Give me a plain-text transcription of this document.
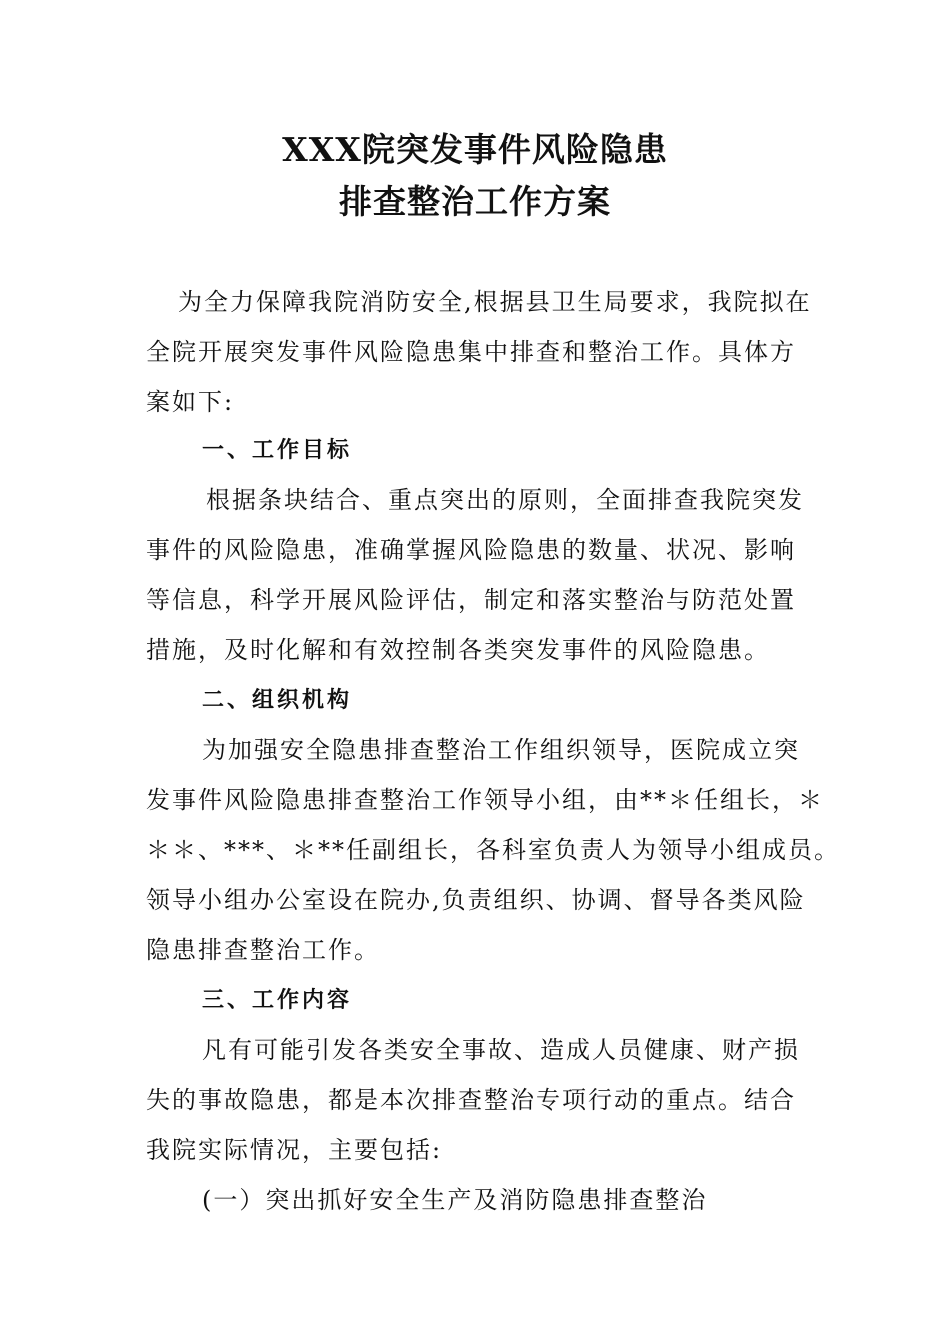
XXX院突发事件风险隐患
排查整治工作方案
为全力保障我院消防安全,根据县卫生局要求，我院拟在
全院开展突发事件风险隐患集中排查和整治工作。具体方
案如下:
一、工作目标
根据条块结合、重点突出的原则，全面排查我院突发
事件的风险隐患，准确掌握风险隐患的数量、状况、影响
等信息，科学开展风险评估，制定和落实整治与防范处置
措施，及时化解和有效控制各类突发事件的风险隐患。
二、组织机构
为加强安全隐患排查整治工作组织领导，医院成立突
发事件风险隐患排查整治工作领导小组，由**＊任组长，＊
＊＊、***、＊**任副组长，各科室负责人为领导小组成员。
领导小组办公室设在院办,负责组织、协调、督导各类风险
隐患排查整治工作。
三、工作内容
凡有可能引发各类安全事故、造成人员健康、财产损
失的事故隐患，都是本次排查整治专项行动的重点。结合
我院实际情况，主要包括:
(一）突出抓好安全生产及消防隐患排查整治
